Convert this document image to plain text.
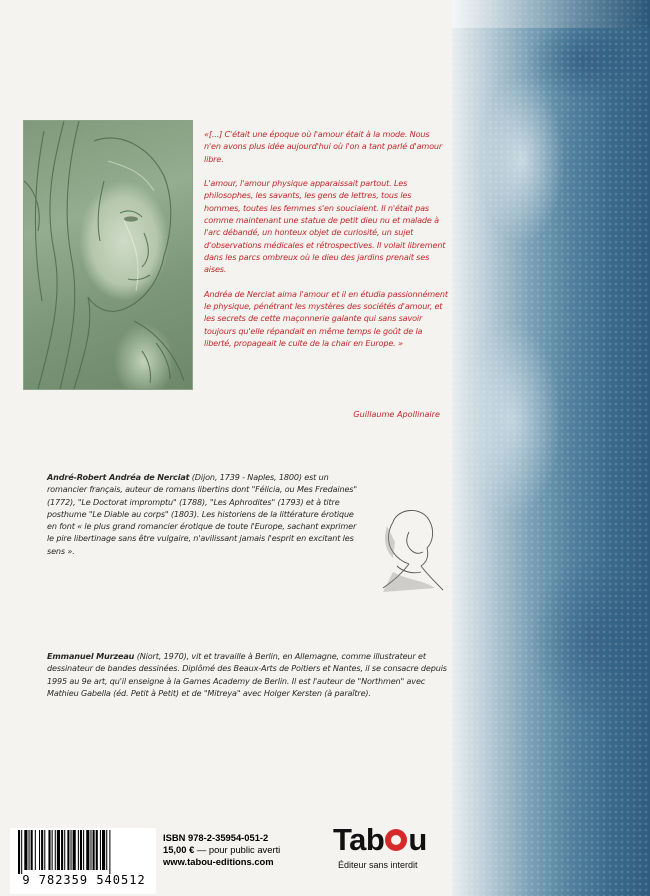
«[...] C'était une époque où l'amour était à la mode. Nous n'en avons plus idée aujourd'hui où l'on a tant parlé d'amour libre.

L'amour, l'amour physique apparaissait partout. Les philosophes, les savants, les gens de lettres, tous les hommes, toutes les femmes s'en souciaient. Il n'était pas comme maintenant une statue de petit dieu nu et malade à l'arc débandé, un honteux objet de curiosité, un sujet d'observations médicales et rétrospectives. Il volait librement dans les parcs ombreux où le dieu des jardins prenait ses aises.

Andréa de Nerciat aima l'amour et il en étudia passionnément le physique, pénétrant les mystères des sociétés d'amour, et les secrets de cette maçonnerie galante qui sans savoir toujours qu'elle répandait en même temps le goût de la liberté, propageait le culte de la chair en Europe. »

Guillaume Apollinaire
André-Robert Andréa de Nerciat (Dijon, 1739 - Naples, 1800) est un romancier français, auteur de romans libertins dont "Félicia, ou Mes Fredaines" (1772), "Le Doctorat impromptu" (1788), "Les Aphrodites" (1793) et à titre posthume "Le Diable au corps" (1803). Les historiens de la littérature érotique en font « le plus grand romancier érotique de toute l'Europe, sachant exprimer le pire libertinage sans être vulgaire, n'avilissant jamais l'esprit en excitant les sens ».
Emmanuel Murzeau (Niort, 1970), vit et travaille à Berlin, en Allemagne, comme illustrateur et dessinateur de bandes dessinées. Diplômé des Beaux-Arts de Poitiers et Nantes, il se consacre depuis 1995 au 9e art, qu'il enseigne à la Games Academy de Berlin. Il est l'auteur de "Northmen" avec Mathieu Gabella (éd. Petit à Petit) et de "Mitreya" avec Holger Kersten (à paraître).
9 782359 540512
ISBN 978-2-35954-051-2
15,00 € — pour public averti
www.tabou-editions.com
Tab u
Éditeur sans interdit
